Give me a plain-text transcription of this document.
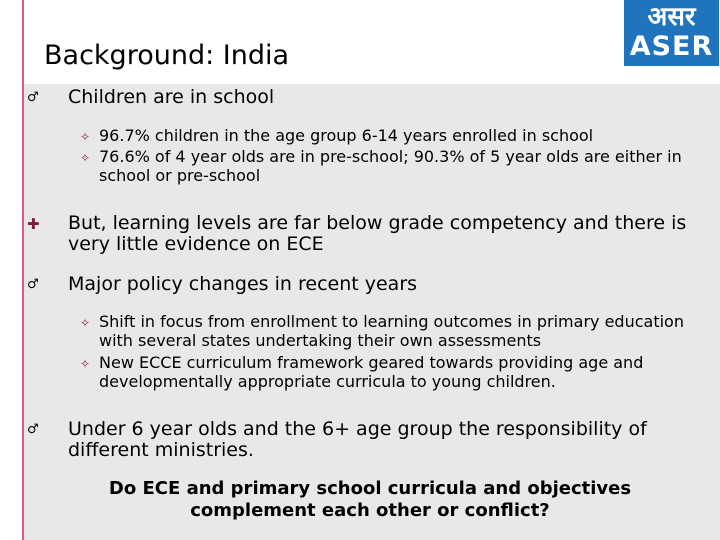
Background: India
असर
ASER
♂ Children are in school
✧ 96.7% children in the age group 6-14 years enrolled in school
✧ 76.6% of 4 year olds are in pre-school; 90.3% of 5 year olds are either in school or pre-school
✚ But, learning levels are far below grade competency and there is very little evidence on ECE
♂ Major policy changes in recent years
✧ Shift in focus from enrollment to learning outcomes in primary education with several states undertaking their own assessments
✧ New ECCE curriculum framework geared towards providing age and developmentally appropriate curricula to young children.
♂ Under 6 year olds and the 6+ age group the responsibility of different ministries.
Do ECE and primary school curricula and objectives complement each other or conflict?
